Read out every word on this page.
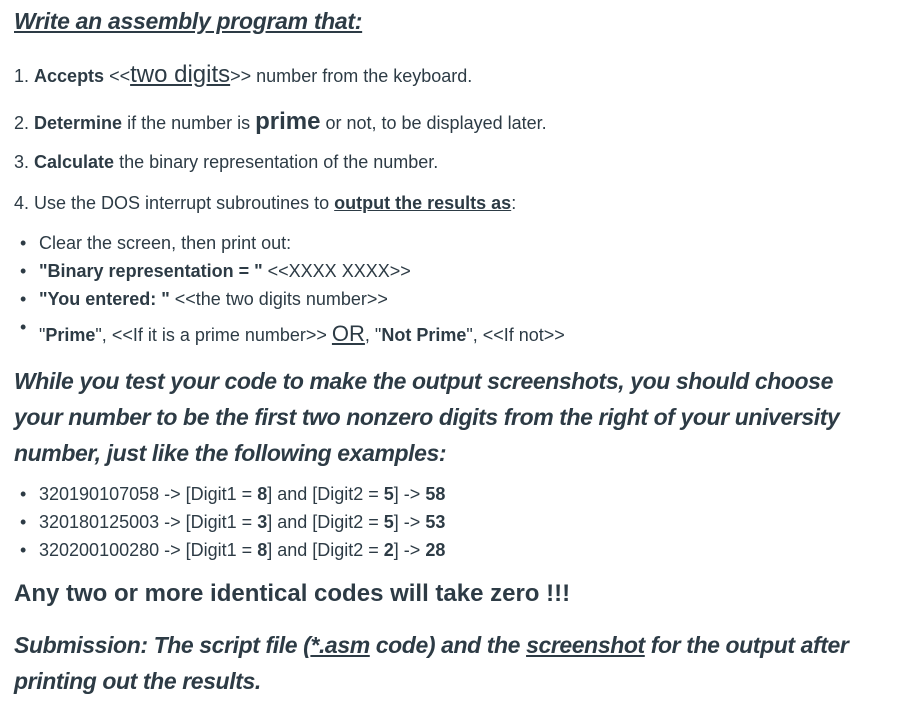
Write an assembly program that:
1. Accepts <<two digits>> number from the keyboard.
2. Determine if the number is prime or not, to be displayed later.
3. Calculate the binary representation of the number.
4. Use the DOS interrupt subroutines to output the results as:
• Clear the screen, then print out:
• "Binary representation = " <<XXXX XXXX>>
• "You entered: " <<the two digits number>>
• "Prime", <<If it is a prime number>> OR, "Not Prime", <<If not>>
While you test your code to make the output screenshots, you should choose your number to be the first two nonzero digits from the right of your university number, just like the following examples:
• 320190107058 -> [Digit1 = 8] and [Digit2 = 5] -> 58
• 320180125003 -> [Digit1 = 3] and [Digit2 = 5] -> 53
• 320200100280 -> [Digit1 = 8] and [Digit2 = 2] -> 28
Any two or more identical codes will take zero !!!
Submission: The script file (*.asm code) and the screenshot for the output after printing out the results.
